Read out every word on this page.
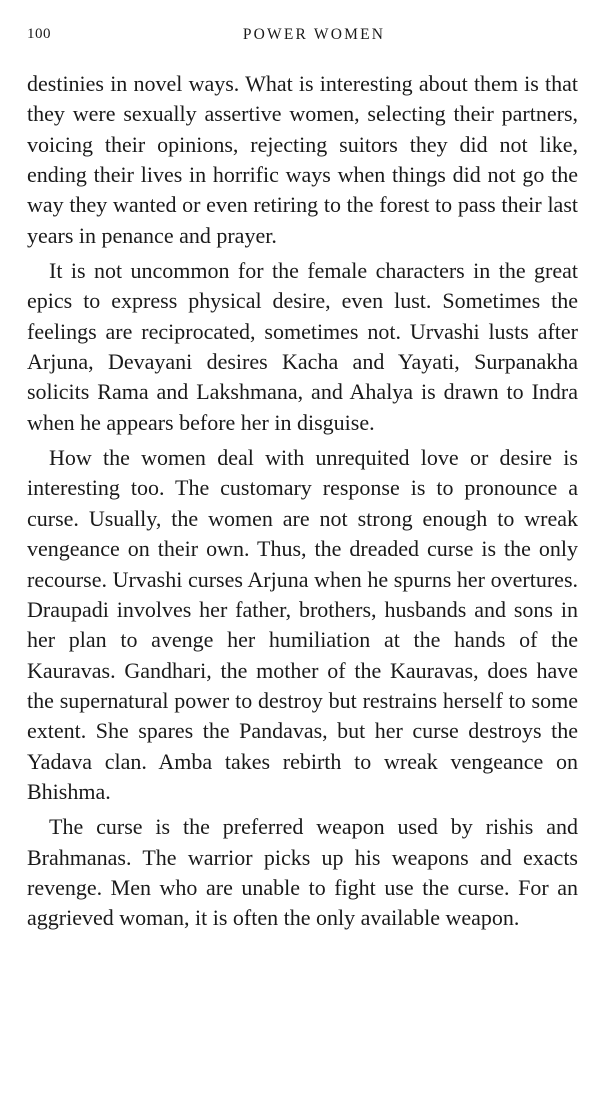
100	POWER WOMEN

destinies in novel ways. What is interesting about them is that they were sexually assertive women, selecting their partners, voicing their opinions, rejecting suitors they did not like, ending their lives in horrific ways when things did not go the way they wanted or even retiring to the forest to pass their last years in penance and prayer.

It is not uncommon for the female characters in the great epics to express physical desire, even lust. Sometimes the feelings are reciprocated, sometimes not. Urvashi lusts after Arjuna, Devayani desires Kacha and Yayati, Surpanakha solicits Rama and Lakshmana, and Ahalya is drawn to Indra when he appears before her in disguise.

How the women deal with unrequited love or desire is interesting too. The customary response is to pronounce a curse. Usually, the women are not strong enough to wreak vengeance on their own. Thus, the dreaded curse is the only recourse. Urvashi curses Arjuna when he spurns her overtures. Draupadi involves her father, brothers, husbands and sons in her plan to avenge her humiliation at the hands of the Kauravas. Gandhari, the mother of the Kauravas, does have the supernatural power to destroy but restrains herself to some extent. She spares the Pandavas, but her curse destroys the Yadava clan. Amba takes rebirth to wreak vengeance on Bhishma.

The curse is the preferred weapon used by rishis and Brahmanas. The warrior picks up his weapons and exacts revenge. Men who are unable to fight use the curse. For an aggrieved woman, it is often the only available weapon.
